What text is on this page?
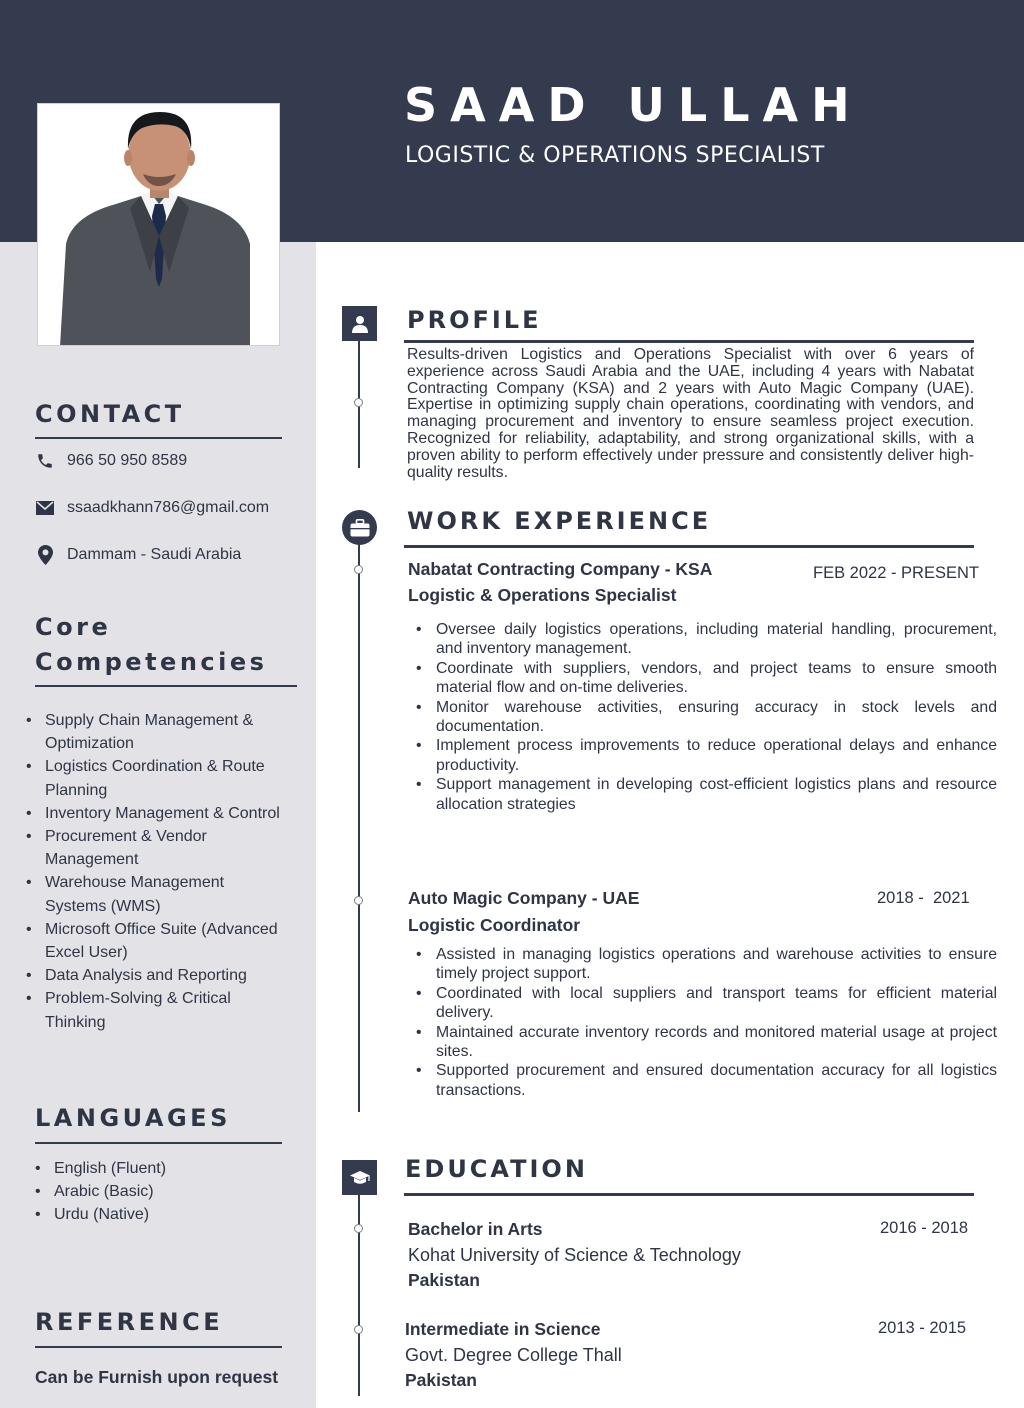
SAAD ULLAH
LOGISTIC & OPERATIONS SPECIALIST
CONTACT
966 50 950 8589
ssaadkhann786@gmail.com
Dammam - Saudi Arabia
Core
Competencies
• Supply Chain Management &
Optimization
• Logistics Coordination & Route
Planning
• Inventory Management & Control
• Procurement & Vendor
Management
• Warehouse Management
Systems (WMS)
• Microsoft Office Suite (Advanced
Excel User)
• Data Analysis and Reporting
• Problem-Solving & Critical
Thinking
LANGUAGES
• English (Fluent)
• Arabic (Basic)
• Urdu (Native)
REFERENCE
Can be Furnish upon request
PROFILE
Results-driven Logistics and Operations Specialist with over 6 years of experience across Saudi Arabia and the UAE, including 4 years with Nabatat Contracting Company (KSA) and 2 years with Auto Magic Company (UAE). Expertise in optimizing supply chain operations, coordinating with vendors, and managing procurement and inventory to ensure seamless project execution. Recognized for reliability, adaptability, and strong organizational skills, with a proven ability to perform effectively under pressure and consistently deliver high-quality results.
WORK EXPERIENCE
Nabatat Contracting Company - KSA	FEB 2022 - PRESENT
Logistic & Operations Specialist
• Oversee daily logistics operations, including material handling, procurement, and inventory management.
• Coordinate with suppliers, vendors, and project teams to ensure smooth material flow and on-time deliveries.
• Monitor warehouse activities, ensuring accuracy in stock levels and documentation.
• Implement process improvements to reduce operational delays and enhance productivity.
• Support management in developing cost-efficient logistics plans and resource allocation strategies
Auto Magic Company - UAE	2018 -  2021
Logistic Coordinator
• Assisted in managing logistics operations and warehouse activities to ensure timely project support.
• Coordinated with local suppliers and transport teams for efficient material delivery.
• Maintained accurate inventory records and monitored material usage at project sites.
• Supported procurement and ensured documentation accuracy for all logistics transactions.
EDUCATION
Bachelor in Arts	2016 - 2018
Kohat University of Science & Technology
Pakistan
Intermediate in Science	2013 - 2015
Govt. Degree College Thall
Pakistan
